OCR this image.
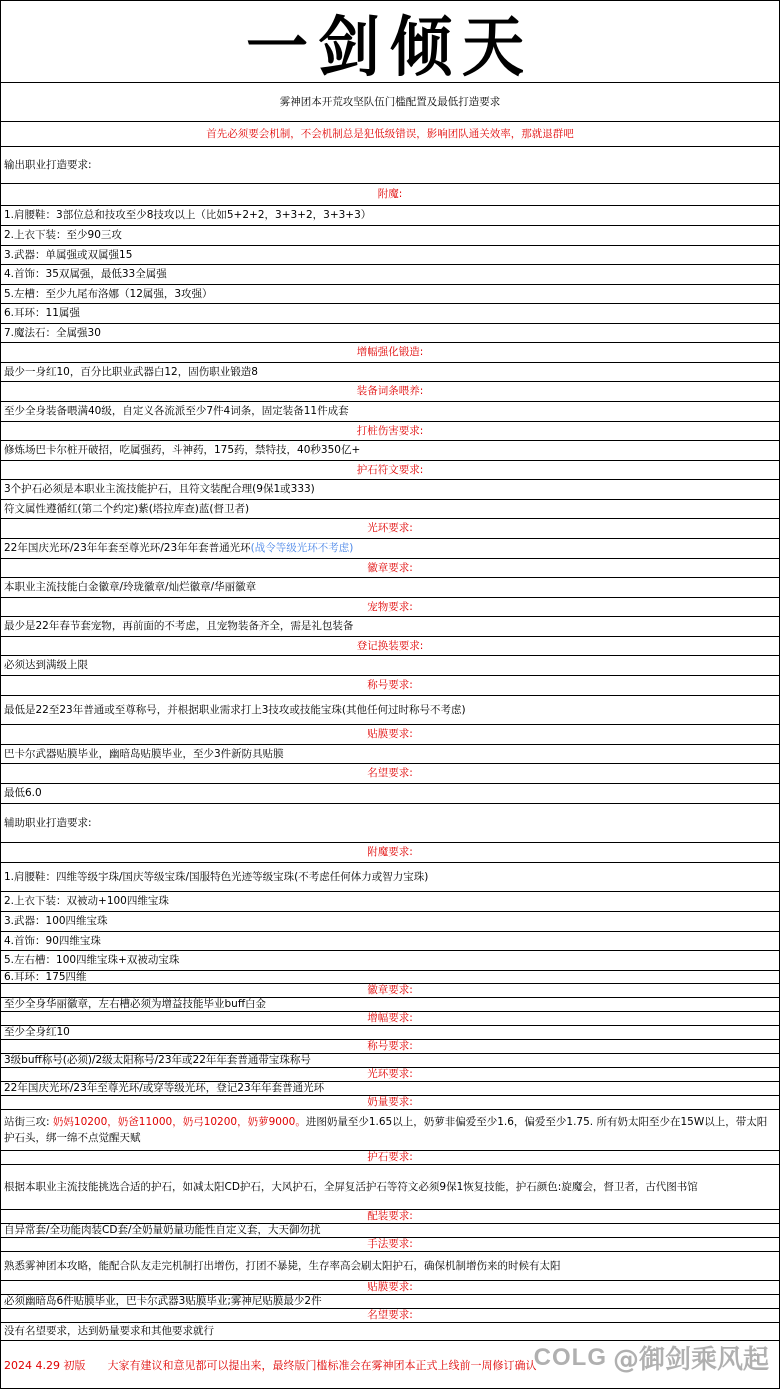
一剑倾天
雾神团本开荒攻坚队伍门槛配置及最低打造要求
首先必须要会机制，不会机制总是犯低级错误，影响团队通关效率，那就退群吧
输出职业打造要求:
附魔:
1.肩腰鞋：3部位总和技攻至少8技攻以上（比如5+2+2，3+3+2，3+3+3）
2.上衣下装：至少90三攻
3.武器：单属强或双属强15
4.首饰：35双属强，最低33全属强
5.左槽：至少九尾布洛娜（12属强，3攻强）
6.耳环：11属强
7.魔法石：全属强30
增幅强化锻造:
最少一身红10，百分比职业武器白12，固伤职业锻造8
装备词条喂养:
至少全身装备喂满40级，自定义各流派至少7件4词条，固定装备11件成套
打桩伤害要求:
修炼场巴卡尔桩开破招，吃属强药，斗神药，175药，禁特技，40秒350亿+
护石符文要求:
3个护石必须是本职业主流技能护石，且符文装配合理(9保1或333)
符文属性遵循红(第二个约定)紫(塔拉库查)蓝(督卫者)
光环要求:
22年国庆光环/23年年套至尊光环/23年年套普通光环 (战令等级光环不考虑)
徽章要求:
本职业主流技能白金徽章/玲珑徽章/灿烂徽章/华丽徽章
宠物要求:
最少是22年春节套宠物，再前面的不考虑，且宠物装备齐全，需是礼包装备
登记换装要求:
必须达到满级上限
称号要求:
最低是22至23年普通或至尊称号，并根据职业需求打上3技攻或技能宝珠(其他任何过时称号不考虑)
贴膜要求:
巴卡尔武器贴膜毕业，幽暗岛贴膜毕业，至少3件新防具贴膜
名望要求:
最低6.0
辅助职业打造要求:
附魔要求:
1.肩腰鞋：四维等级宇珠/国庆等级宝珠/国服特色光迹等级宝珠(不考虑任何体力或智力宝珠)
2.上衣下装：双被动+100四维宝珠
3.武器：100四维宝珠
4.首饰：90四维宝珠
5.左右槽：100四维宝珠+双被动宝珠
6.耳环：175四维
徽章要求:
至少全身华丽徽章，左右槽必须为增益技能毕业buff白金
增幅要求:
至少全身红10
称号要求:
3级buff称号(必须)/2级太阳称号/23年或22年年套普通带宝珠称号
光环要求:
22年国庆光环/23年至尊光环/或穿等级光环，登记23年年套普通光环
奶量要求:
站街三攻: 奶妈10200，奶爸11000，奶弓10200，奶萝9000。进图奶量至少1.65以上，奶萝非偏爱至少1.6，偏爱至少1.75. 所有奶太阳至少在15W以上，带太阳护石头，绑一绵不点觉醒天赋
护石要求:
根据本职业主流技能挑选合适的护石，如减太阳CD护石，大风护石，全屏复活护石等符文必须9保1恢复技能，护石颜色:旋魔会，督卫者，古代图书馆
配装要求:
自异常套/全功能肉装CD套/全奶量奶量功能性自定义套，大天御勿扰
手法要求:
熟悉雾神团本攻略，能配合队友走完机制打出增伤，打团不暴毙，生存率高会刷太阳护石，确保机制增伤来的时候有太阳
贴膜要求:
必须幽暗岛6件贴膜毕业，巴卡尔武器3贴膜毕业;雾神尼贴膜最少2件
名望要求:
没有名望要求，达到奶量要求和其他要求就行
2024 4.29 初版 大家有建议和意见都可以提出来，最终版门槛标准会在雾神团本正式上线前一周修订确认
COLG @御剑乘风起
